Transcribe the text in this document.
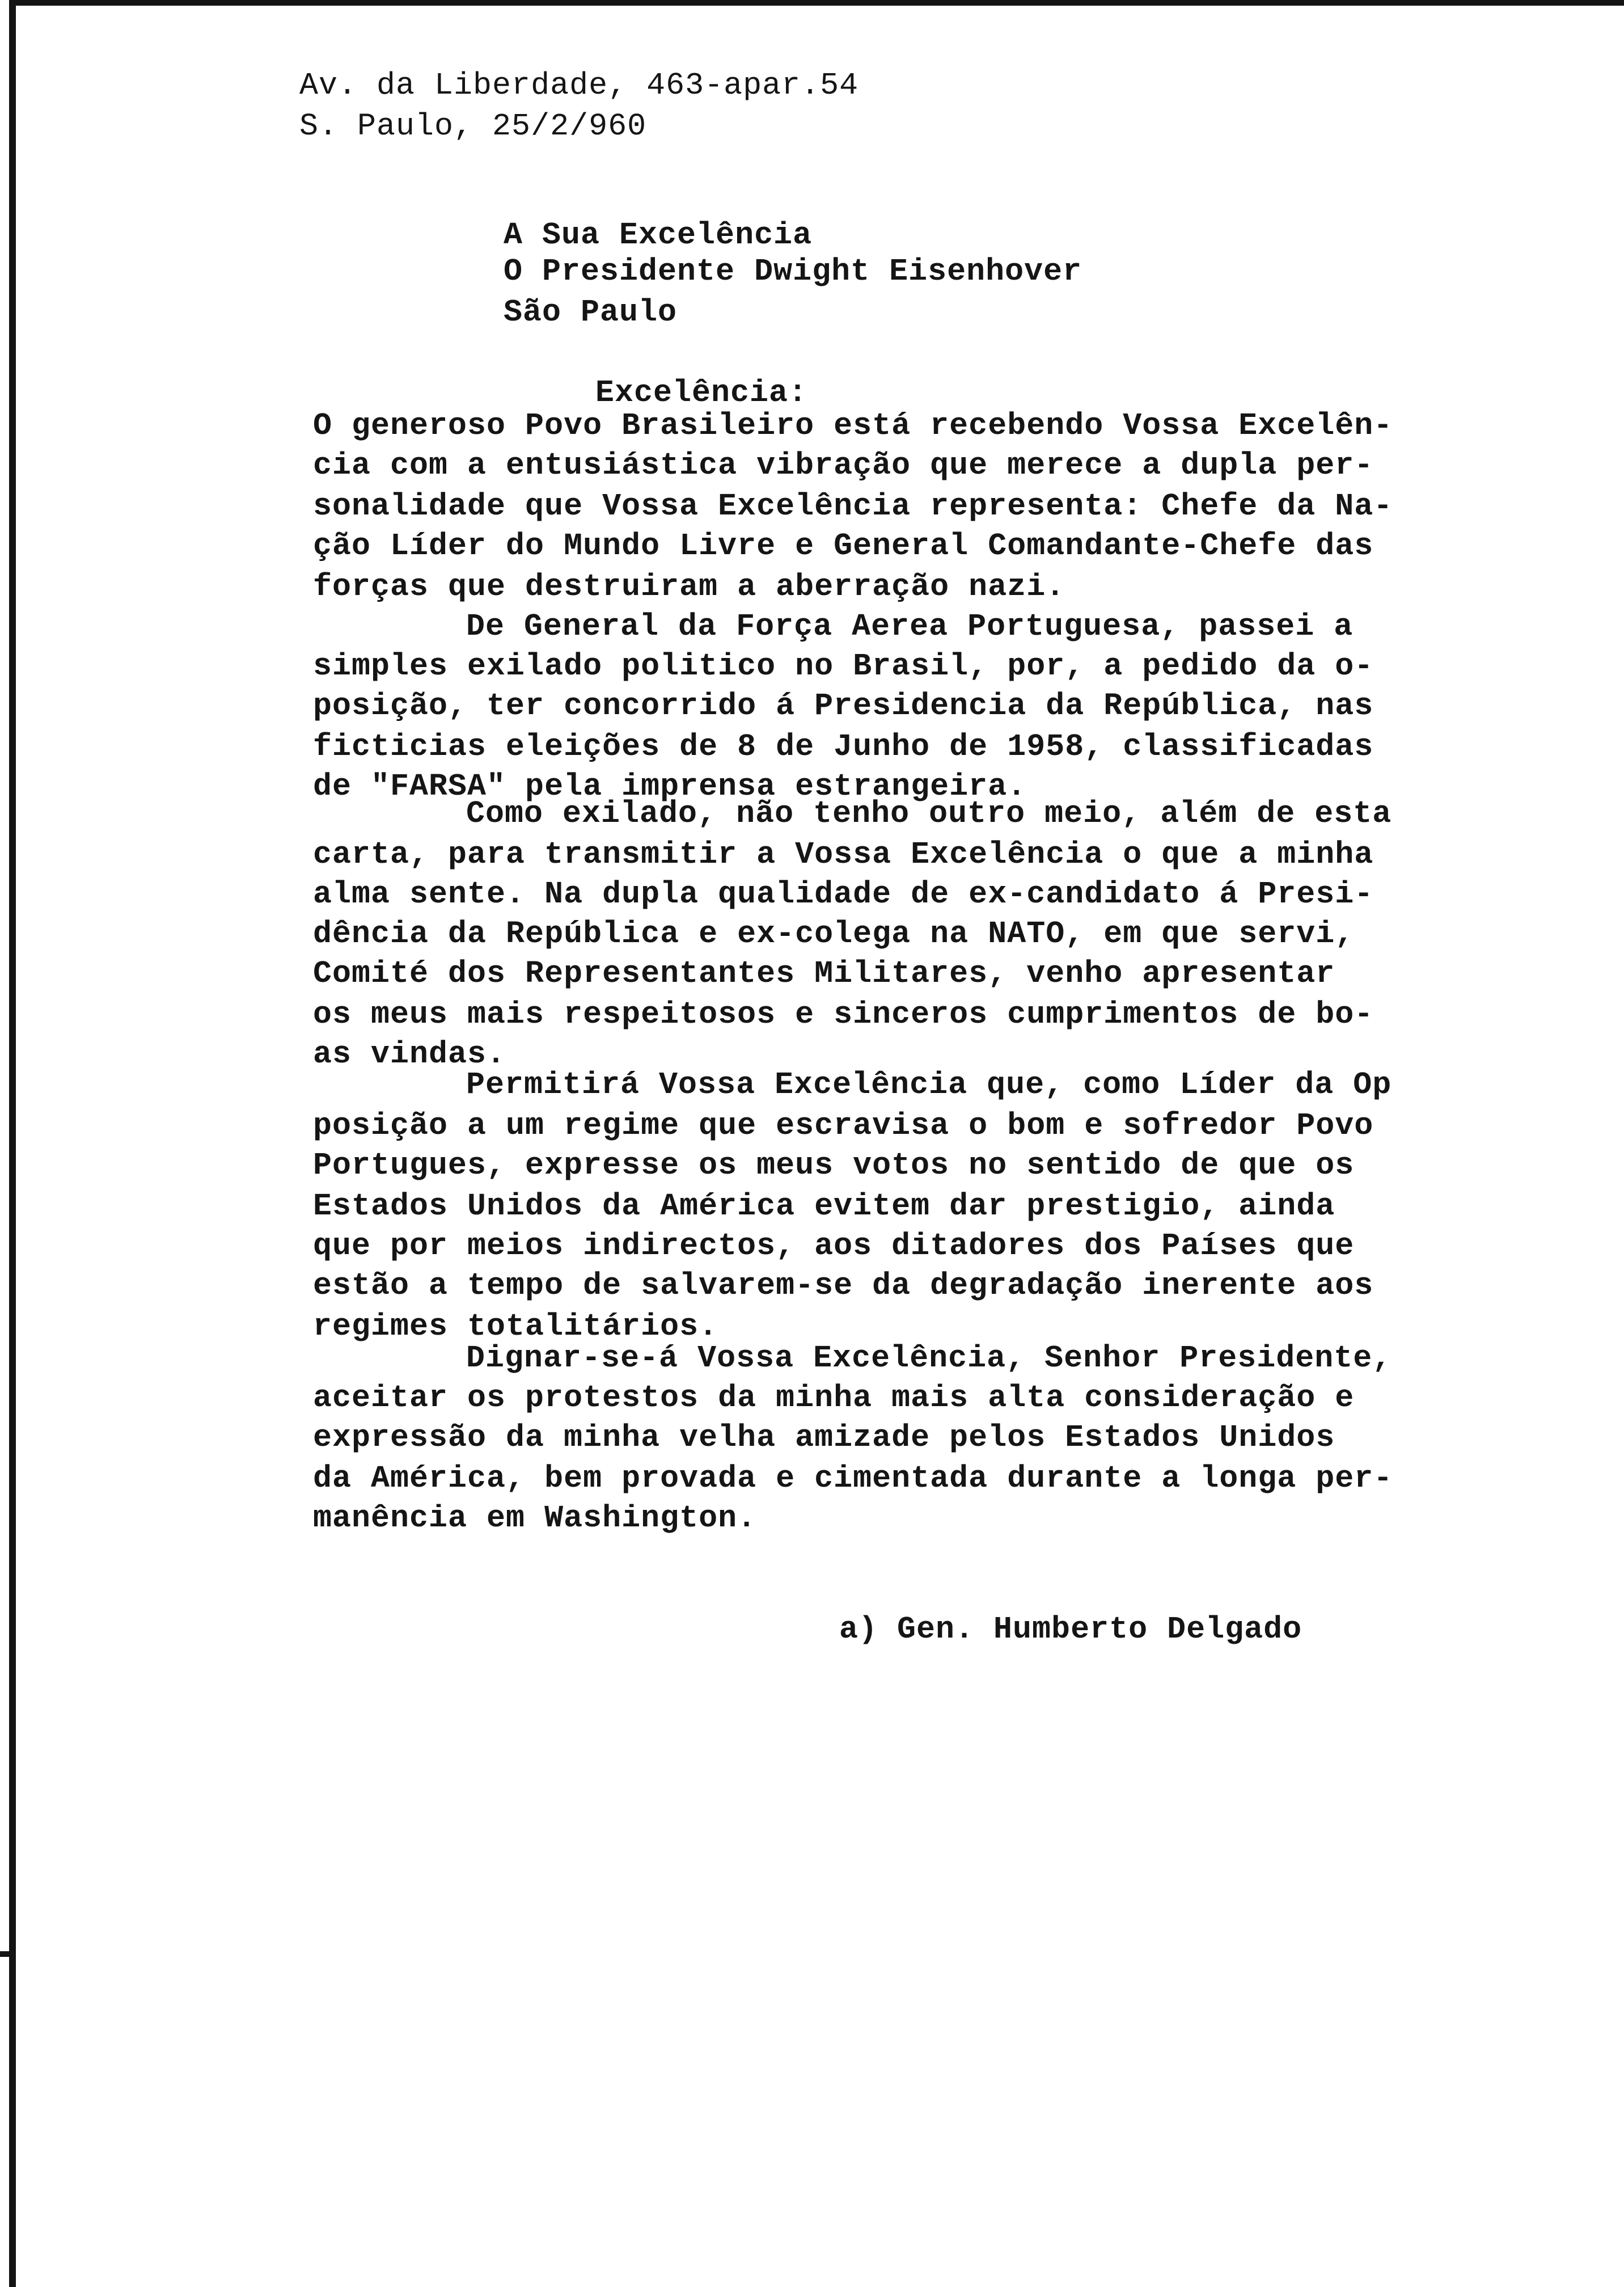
Av. da Liberdade, 463-apar.54
S. Paulo, 25/2/960
A Sua Excelência
O Presidente Dwight Eisenhover
São Paulo
Excelência:
O generoso Povo Brasileiro está recebendo Vossa Excelên-
cia com a entusiástica vibração que merece a dupla per-
sonalidade que Vossa Excelência representa: Chefe da Na-
ção Líder do Mundo Livre e General Comandante-Chefe das
forças que destruiram a aberração nazi.
De General da Força Aerea Portuguesa, passei a
simples exilado politico no Brasil, por, a pedido da o-
posição, ter concorrido á Presidencia da República, nas
ficticias eleições de 8 de Junho de 1958, classificadas
de "FARSA" pela imprensa estrangeira.
Como exilado, não tenho outro meio, além de esta
carta, para transmitir a Vossa Excelência o que a minha
alma sente. Na dupla qualidade de ex-candidato á Presi-
dência da República e ex-colega na NATO, em que servi,
Comité dos Representantes Militares, venho apresentar
os meus mais respeitosos e sinceros cumprimentos de bo-
as vindas.
Permitirá Vossa Excelência que, como Líder da Op
posição a um regime que escravisa o bom e sofredor Povo
Portugues, expresse os meus votos no sentido de que os
Estados Unidos da América evitem dar prestigio, ainda
que por meios indirectos, aos ditadores dos Países que
estão a tempo de salvarem-se da degradação inerente aos
regimes totalitários.
Dignar-se-á Vossa Excelência, Senhor Presidente,
aceitar os protestos da minha mais alta consideração e
expressão da minha velha amizade pelos Estados Unidos
da América, bem provada e cimentada durante a longa per-
manência em Washington.
a) Gen. Humberto Delgado
